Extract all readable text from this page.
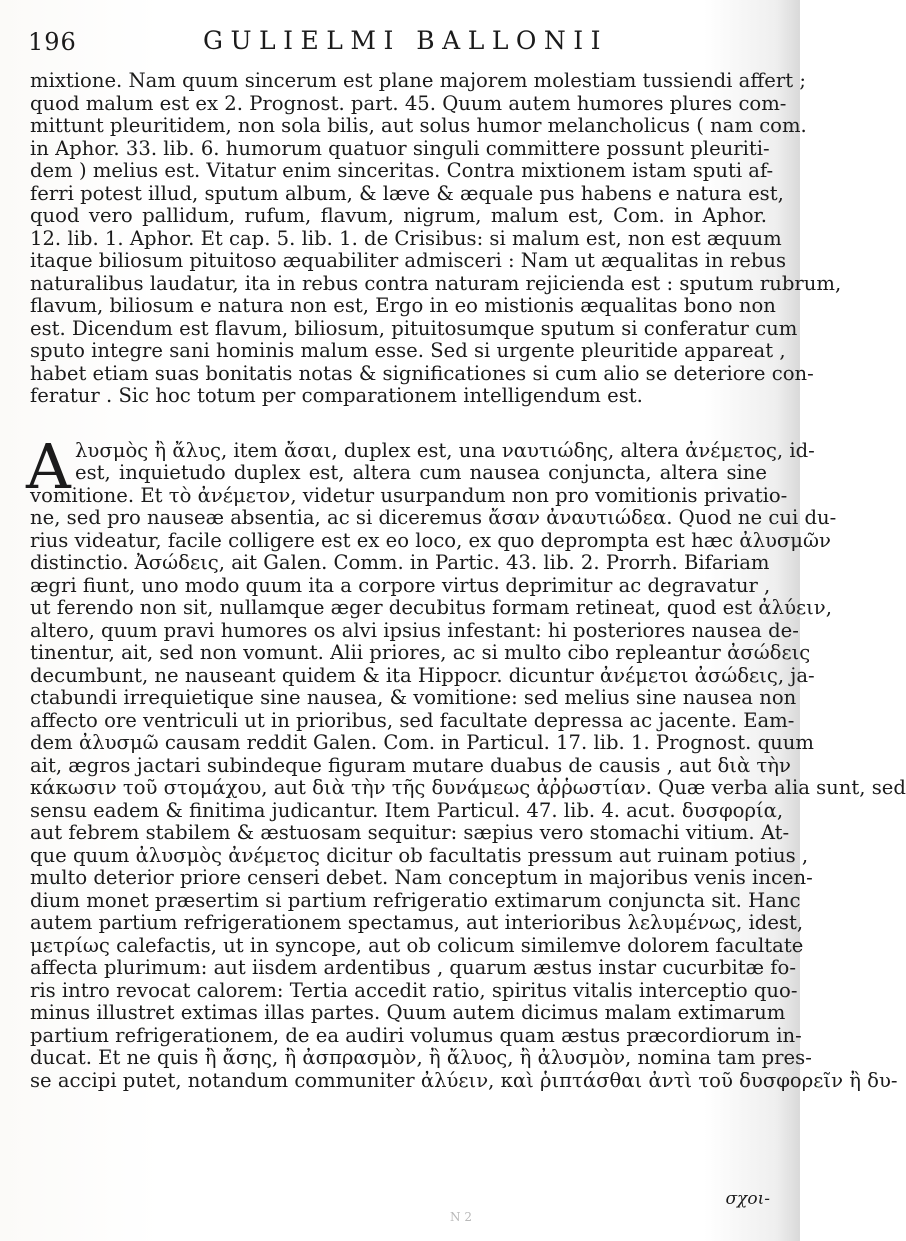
196	GULIELMI BALLONII
mixtione. Nam quum sincerum est plane majorem molestiam tussiendi affert ;
quod malum est ex 2. Prognost. part. 45. Quum autem humores plures com-
mittunt pleuritidem, non sola bilis, aut solus humor melancholicus ( nam com.
in Aphor. 33. lib. 6. humorum quatuor singuli committere possunt pleuriti-
dem ) melius est. Vitatur enim sinceritas. Contra mixtionem istam sputi af-
ferri potest illud, sputum album, & læve & æquale pus habens e natura est,
quod vero pallidum, rufum, flavum, nigrum, malum est, Com. in Aphor.
12. lib. 1. Aphor. Et cap. 5. lib. 1. de Crisibus: si malum est, non est æquum
itaque biliosum pituitoso æquabiliter admisceri : Nam ut æqualitas in rebus
naturalibus laudatur, ita in rebus contra naturam rejicienda est : sputum rubrum,
flavum, biliosum e natura non est, Ergo in eo mistionis æqualitas bono non
est. Dicendum est flavum, biliosum, pituitosumque sputum si conferatur cum
sputo integre sani hominis malum esse. Sed si urgente pleuritide appareat ,
habet etiam suas bonitatis notas & significationes si cum alio se deteriore con-
feratur . Sic hoc totum per comparationem intelligendum est.
A λυσμὸς ἢ ἄλυς, item ἄσαι, duplex est, una ναυτιώδης, altera ἀνέμετος, id-
est, inquietudo duplex est, altera cum nausea conjuncta, altera sine
vomitione. Et τὸ ἀνέμετον, videtur usurpandum non pro vomitionis privatio-
ne, sed pro nauseæ absentia, ac si diceremus ἄσαν ἀναυτιώδεα. Quod ne cui du-
rius videatur, facile colligere est ex eo loco, ex quo deprompta est hæc ἀλυσμῶν
distinctio. Ἀσώδεις, ait Galen. Comm. in Partic. 43. lib. 2. Prorrh. Bifariam
ægri fiunt, uno modo quum ita a corpore virtus deprimitur ac degravatur ,
ut ferendo non sit, nullamque æger decubitus formam retineat, quod est ἀλύειν,
altero, quum pravi humores os alvi ipsius infestant: hi posteriores nausea de-
tinentur, ait, sed non vomunt. Alii priores, ac si multo cibo repleantur ἀσώδεις
decumbunt, ne nauseant quidem & ita Hippocr. dicuntur ἀνέμετοι ἀσώδεις, ja-
ctabundi irrequietique sine nausea, & vomitione: sed melius sine nausea non
affecto ore ventriculi ut in prioribus, sed facultate depressa ac jacente. Eam-
dem ἀλυσμῶ causam reddit Galen. Com. in Particul. 17. lib. 1. Prognost. quum
ait, ægros jactari subindeque figuram mutare duabus de causis , aut διὰ τὴν
κάκωσιν τοῦ στομάχου, aut διὰ τὴν τῆς δυνάμεως ἀῤῥωστίαν. Quæ verba alia sunt, sed
sensu eadem & finitima judicantur. Item Particul. 47. lib. 4. acut. δυσφορία,
aut febrem stabilem & æstuosam sequitur: sæpius vero stomachi vitium. At-
que quum ἀλυσμὸς ἀνέμετος dicitur ob facultatis pressum aut ruinam potius ,
multo deterior priore censeri debet. Nam conceptum in majoribus venis incen-
dium monet præsertim si partium refrigeratio extimarum conjuncta sit. Hanc
autem partium refrigerationem spectamus, aut interioribus λελυμένως, idest,
μετρίως calefactis, ut in syncope, aut ob colicum similemve dolorem facultate
affecta plurimum: aut iisdem ardentibus , quarum æstus instar cucurbitæ fo-
ris intro revocat calorem: Tertia accedit ratio, spiritus vitalis interceptio quo-
minus illustret extimas illas partes. Quum autem dicimus malam extimarum
partium refrigerationem, de ea audiri volumus quam æstus præcordiorum in-
ducat. Et ne quis ἢ ἄσης, ἢ ἀσπρασμὸν, ἢ ἄλυος, ἢ ἀλυσμὸν, nomina tam pres-
se accipi putet, notandum communiter ἀλύειν, καὶ ῥιπτάσθαι ἀντὶ τοῦ δυσφορεῖν ἢ δυ-
σχοι-
N 2
